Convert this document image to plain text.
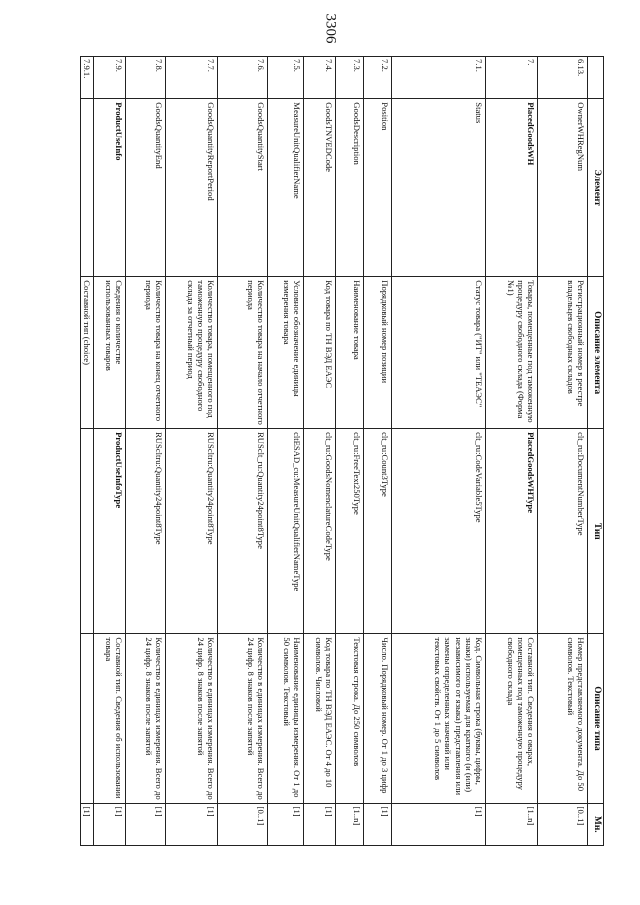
3306
	Элемент	Описание элемента	Тип	Описание типа	Мн.
6.13.	OwnerWHRegNum	Регистрационный номер в реестре владельцев свободных складов	clt_ru:DocumentNumberType	Номер представляемого документа. До 50 символов. Текстовый	[0..1]
7.	PlacedGoodsWH	Товары, помещенные под таможенную процедуру свободного склада (Форма №1)	PlacedGoodsWHType	Составной тип. Сведения о оварах, помещенных под таможенную процедуру свободного склада	[1..n]
7.1.	Status	Статус товара ("ИТ" или "ТЕАЭС"	clt_ru:CodeVariable5Type	Код. Символьная строка (буквы, цифры, знаки) используемая для краткого (и (или) независимого от языка) представления или замены определенных значений или текстовых свойств. От 1 до 5 символов	[1]
7.2.	Position	Порядковый номер позиции	clt_ru:Count3Type	Число. Порядковый номер. От 1 до 3 цифр	[1]
7.3.	GoodsDescription	Наименование товара	clt_ru:FreeText250Type	Текстовая строка. До 250 символов	[1..n]
7.4.	GoodsTNVEDCode	Код товара по ТН ВЭД ЕАЭС	clt_ru:GoodsNomenclatureCodeType	Код товара по ТН ВЭД ЕАЭС. От 4 до 10 символов. Числовой	[1]
7.5.	MeasureUnitQualifierName	Условное обозначение единицы измерения товара	cltESAD_cu:MeasureUnitQualifierNameType	Наименование единицы измерения. От 1 до 50 символов. Текстовый	[1]
7.6.	GoodsQuantityStart	Количество товара на начало отчетного периода	RUSclt_ru:Quantity24point8Type	Количество в единицах измерения. Всего до 24 цифр. 8 знаков после запятой	[0..1]
7.7.	GoodsQuantityReportPeriod	Количество товара, помещенного под таможенную процедуру свободного склада за отчетный период	RUScltru:Quantity24point8Type	Количество в единицах измерения. Всего до 24 цифр. 8 знаков после запятой	[1]
7.8.	GoodsQuantityEnd	Количество товара на конец отчетного периода	RUScltru:Quantity24point8Type	Количество в единицах измерения. Всего до 24 цифр. 8 знаков после запятой	[1]
7.9.	ProductUseInfo	Сведения о количестве использованных товаров	ProductUseInfoType	Составной тип. Сведения об использовании товара	[1]
7.9.1.		Составной тип (choice)			[1]
